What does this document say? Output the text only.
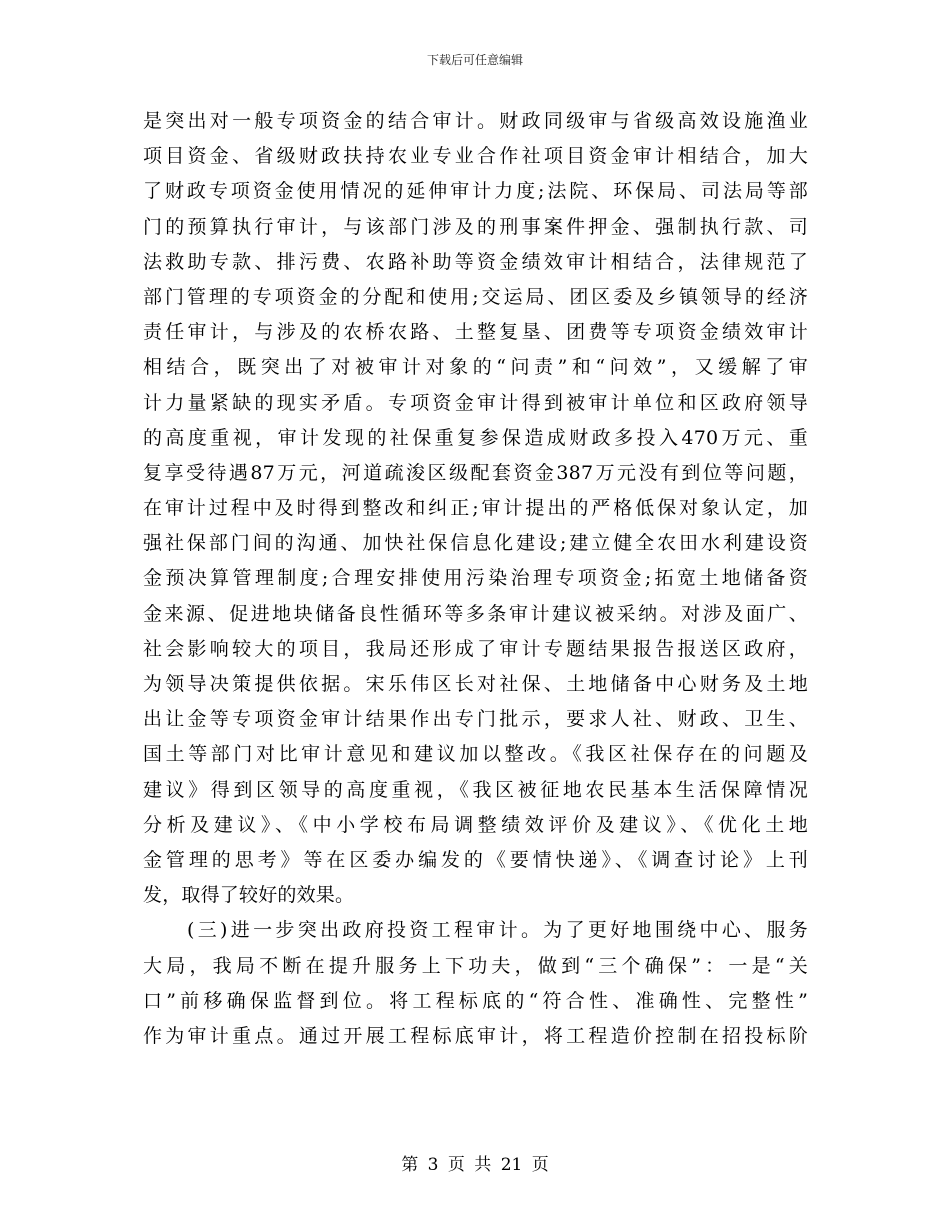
下载后可任意编辑
是突出对一般专项资金的结合审计。财政同级审与省级高效设施渔业
项目资金、省级财政扶持农业专业合作社项目资金审计相结合，加大
了财政专项资金使用情况的延伸审计力度;法院、环保局、司法局等部
门的预算执行审计，与该部门涉及的刑事案件押金、强制执行款、司
法救助专款、排污费、农路补助等资金绩效审计相结合，法律规范了
部门管理的专项资金的分配和使用;交运局、团区委及乡镇领导的经济
责任审计，与涉及的农桥农路、土整复垦、团费等专项资金绩效审计
相结合，既突出了对被审计对象的“问责”和“问效”，又缓解了审
计力量紧缺的现实矛盾。专项资金审计得到被审计单位和区政府领导
的高度重视，审计发现的社保重复参保造成财政多投入470万元、重
复享受待遇87万元，河道疏浚区级配套资金387万元没有到位等问题，
在审计过程中及时得到整改和纠正;审计提出的严格低保对象认定，加
强社保部门间的沟通、加快社保信息化建设;建立健全农田水利建设资
金预决算管理制度;合理安排使用污染治理专项资金;拓宽土地储备资
金来源、促进地块储备良性循环等多条审计建议被采纳。对涉及面广、
社会影响较大的项目，我局还形成了审计专题结果报告报送区政府，
为领导决策提供依据。宋乐伟区长对社保、土地储备中心财务及土地
出让金等专项资金审计结果作出专门批示，要求人社、财政、卫生、
国土等部门对比审计意见和建议加以整改。《我区社保存在的问题及
建议》得到区领导的高度重视，《我区被征地农民基本生活保障情况
分析及建议》、《中小学校布局调整绩效评价及建议》、《优化土地
金管理的思考》等在区委办编发的《要情快递》、《调查讨论》上刊
发，取得了较好的效果。
(三)进一步突出政府投资工程审计。为了更好地围绕中心、服务
大局，我局不断在提升服务上下功夫，做到“三个确保”：一是“关
口”前移确保监督到位。将工程标底的“符合性、准确性、完整性”
作为审计重点。通过开展工程标底审计，将工程造价控制在招投标阶
第 3 页 共 21 页
